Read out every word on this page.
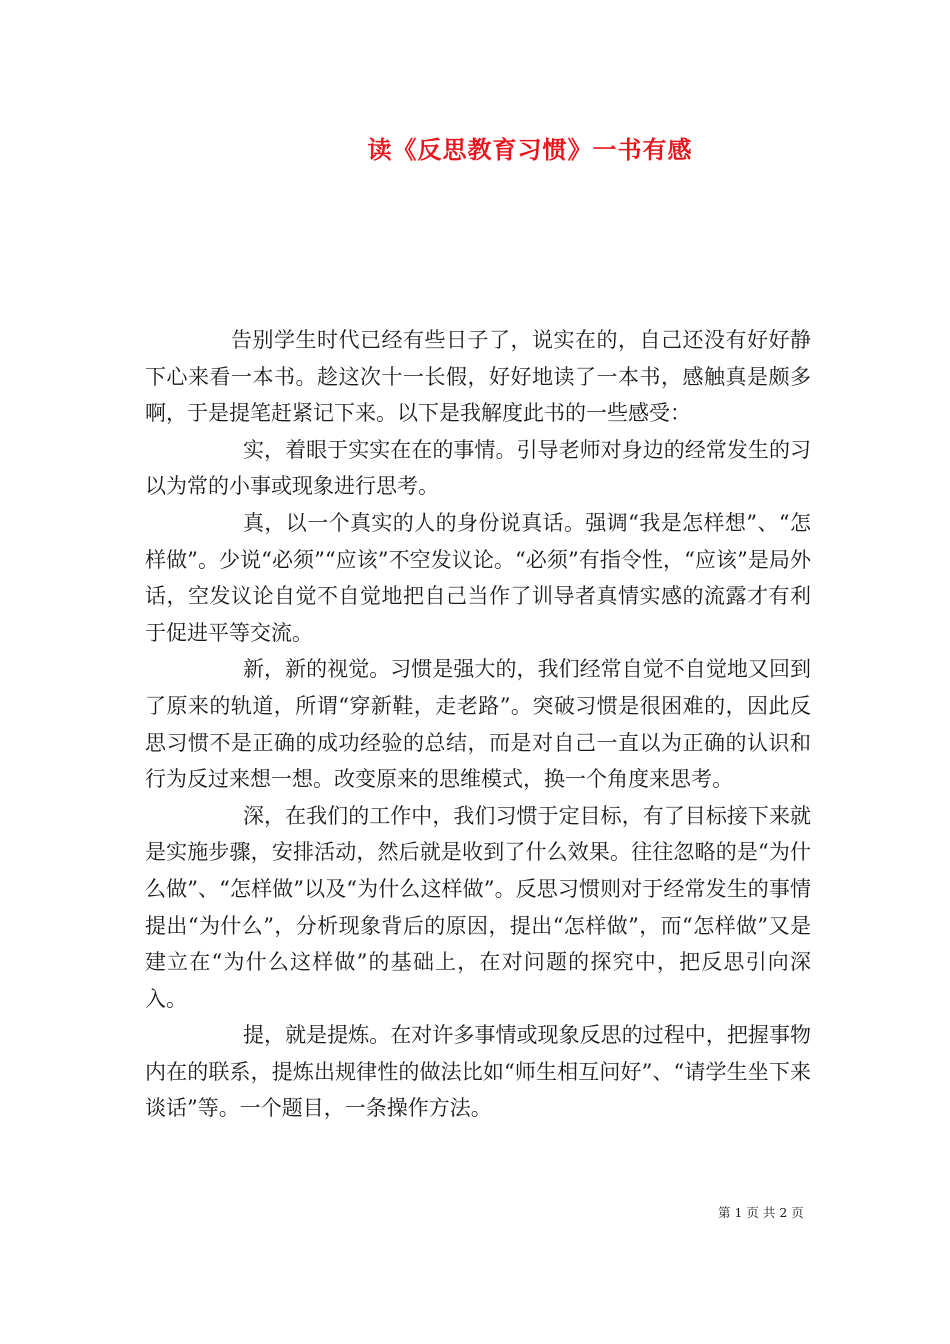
读《反思教育习惯》一书有感

告别学生时代已经有些日子了，说实在的，自己还没有好好静下心来看一本书。趁这次十一长假，好好地读了一本书，感触真是颇多啊，于是提笔赶紧记下来。以下是我解度此书的一些感受：

实，着眼于实实在在的事情。引导老师对身边的经常发生的习以为常的小事或现象进行思考。

真，以一个真实的人的身份说真话。强调“我是怎样想”、“怎样做”。少说“必须”“应该”不空发议论。“必须”有指令性，“应该”是局外话，空发议论自觉不自觉地把自己当作了训导者真情实感的流露才有利于促进平等交流。

新，新的视觉。习惯是强大的，我们经常自觉不自觉地又回到了原来的轨道，所谓“穿新鞋，走老路”。突破习惯是很困难的，因此反思习惯不是正确的成功经验的总结，而是对自己一直以为正确的认识和行为反过来想一想。改变原来的思维模式，换一个角度来思考。

深，在我们的工作中，我们习惯于定目标，有了目标接下来就是实施步骤，安排活动，然后就是收到了什么效果。往往忽略的是“为什么做”、“怎样做”以及“为什么这样做”。反思习惯则对于经常发生的事情提出“为什么”，分析现象背后的原因，提出“怎样做”，而“怎样做”又是建立在“为什么这样做”的基础上，在对问题的探究中，把反思引向深入。

提，就是提炼。在对许多事情或现象反思的过程中，把握事物内在的联系，提炼出规律性的做法比如“师生相互问好”、“请学生坐下来谈话”等。一个题目，一条操作方法。

第 1 页 共 2 页
